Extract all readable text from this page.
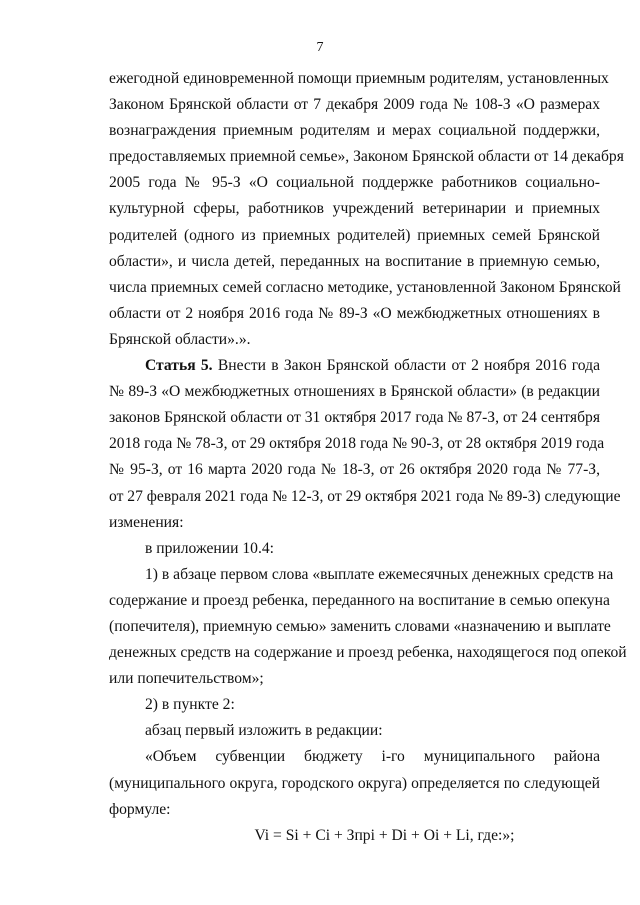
7
ежегодной единовременной помощи приемным родителям, установленных
Законом Брянской области от 7 декабря 2009 года № 108-З «О размерах
вознаграждения приемным родителям и мерах социальной поддержки,
предоставляемых приемной семье», Законом Брянской области от 14 декабря
2005 года № 95-З «О социальной поддержке работников социально-
культурной сферы, работников учреждений ветеринарии и приемных
родителей (одного из приемных родителей) приемных семей Брянской
области», и числа детей, переданных на воспитание в приемную семью,
числа приемных семей согласно методике, установленной Законом Брянской
области от 2 ноября 2016 года № 89-З «О межбюджетных отношениях в
Брянской области».».
Статья 5. Внести в Закон Брянской области от 2 ноября 2016 года
№ 89-З «О межбюджетных отношениях в Брянской области» (в редакции
законов Брянской области от 31 октября 2017 года № 87-З, от 24 сентября
2018 года № 78-З, от 29 октября 2018 года № 90-З, от 28 октября 2019 года
№ 95-З, от 16 марта 2020 года № 18-З, от 26 октября 2020 года № 77-З,
от 27 февраля 2021 года № 12-З, от 29 октября 2021 года № 89-З) следующие
изменения:
в приложении 10.4:
1) в абзаце первом слова «выплате ежемесячных денежных средств на
содержание и проезд ребенка, переданного на воспитание в семью опекуна
(попечителя), приемную семью» заменить словами «назначению и выплате
денежных средств на содержание и проезд ребенка, находящегося под опекой
или попечительством»;
2) в пункте 2:
абзац первый изложить в редакции:
«Объем субвенции бюджету i-го муниципального района
(муниципального округа, городского округа) определяется по следующей
формуле:
Vi = Si + Ci + Зпрi + Di + Oi + Li, где:»;
